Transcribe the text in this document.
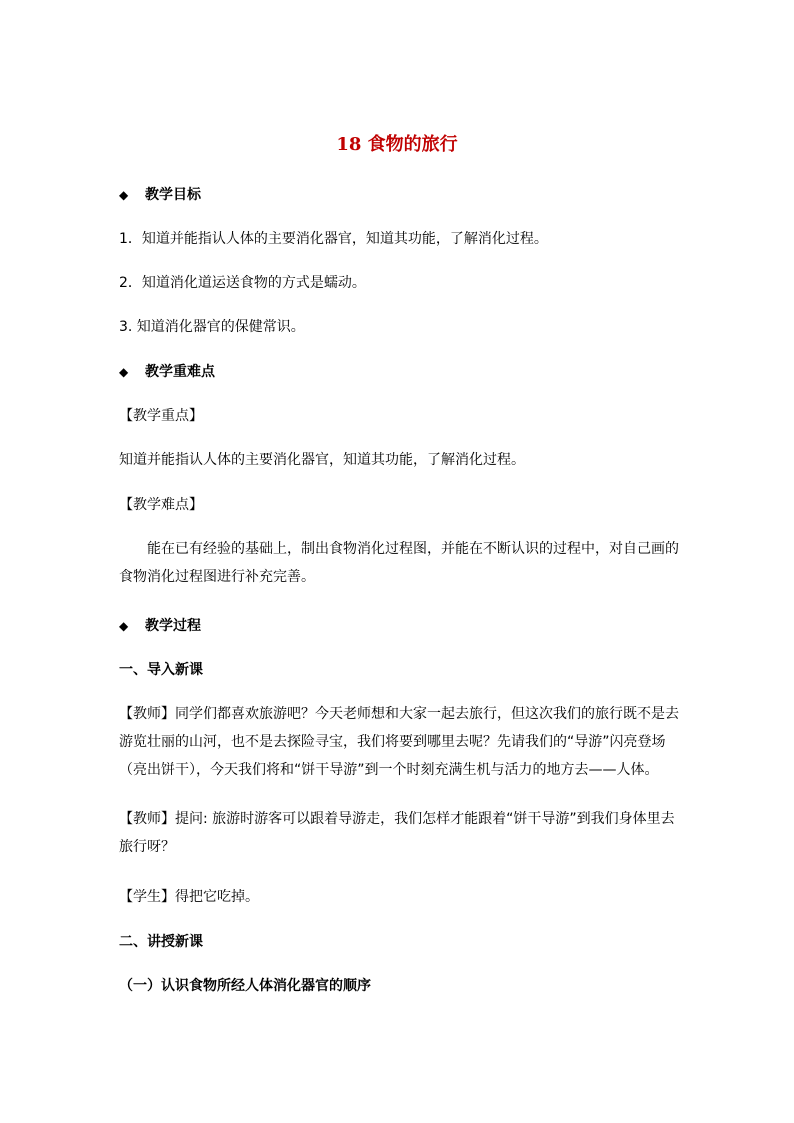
18 食物的旅行
◆ 教学目标
1．知道并能指认人体的主要消化器官，知道其功能，了解消化过程。
2．知道消化道运送食物的方式是蠕动。
3. 知道消化器官的保健常识。
◆ 教学重难点
【教学重点】
知道并能指认人体的主要消化器官，知道其功能，了解消化过程。
【教学难点】
能在已有经验的基础上，制出食物消化过程图，并能在不断认识的过程中，对自己画的食物消化过程图进行补充完善。
◆ 教学过程
一、导入新课
【教师】同学们都喜欢旅游吧？今天老师想和大家一起去旅行，但这次我们的旅行既不是去游览壮丽的山河，也不是去探险寻宝，我们将要到哪里去呢？先请我们的“导游”闪亮登场（亮出饼干），今天我们将和“饼干导游”到一个时刻充满生机与活力的地方去——人体。
【教师】提问: 旅游时游客可以跟着导游走，我们怎样才能跟着“饼干导游”到我们身体里去旅行呀？
【学生】得把它吃掉。
二、讲授新课
（一）认识食物所经人体消化器官的顺序
